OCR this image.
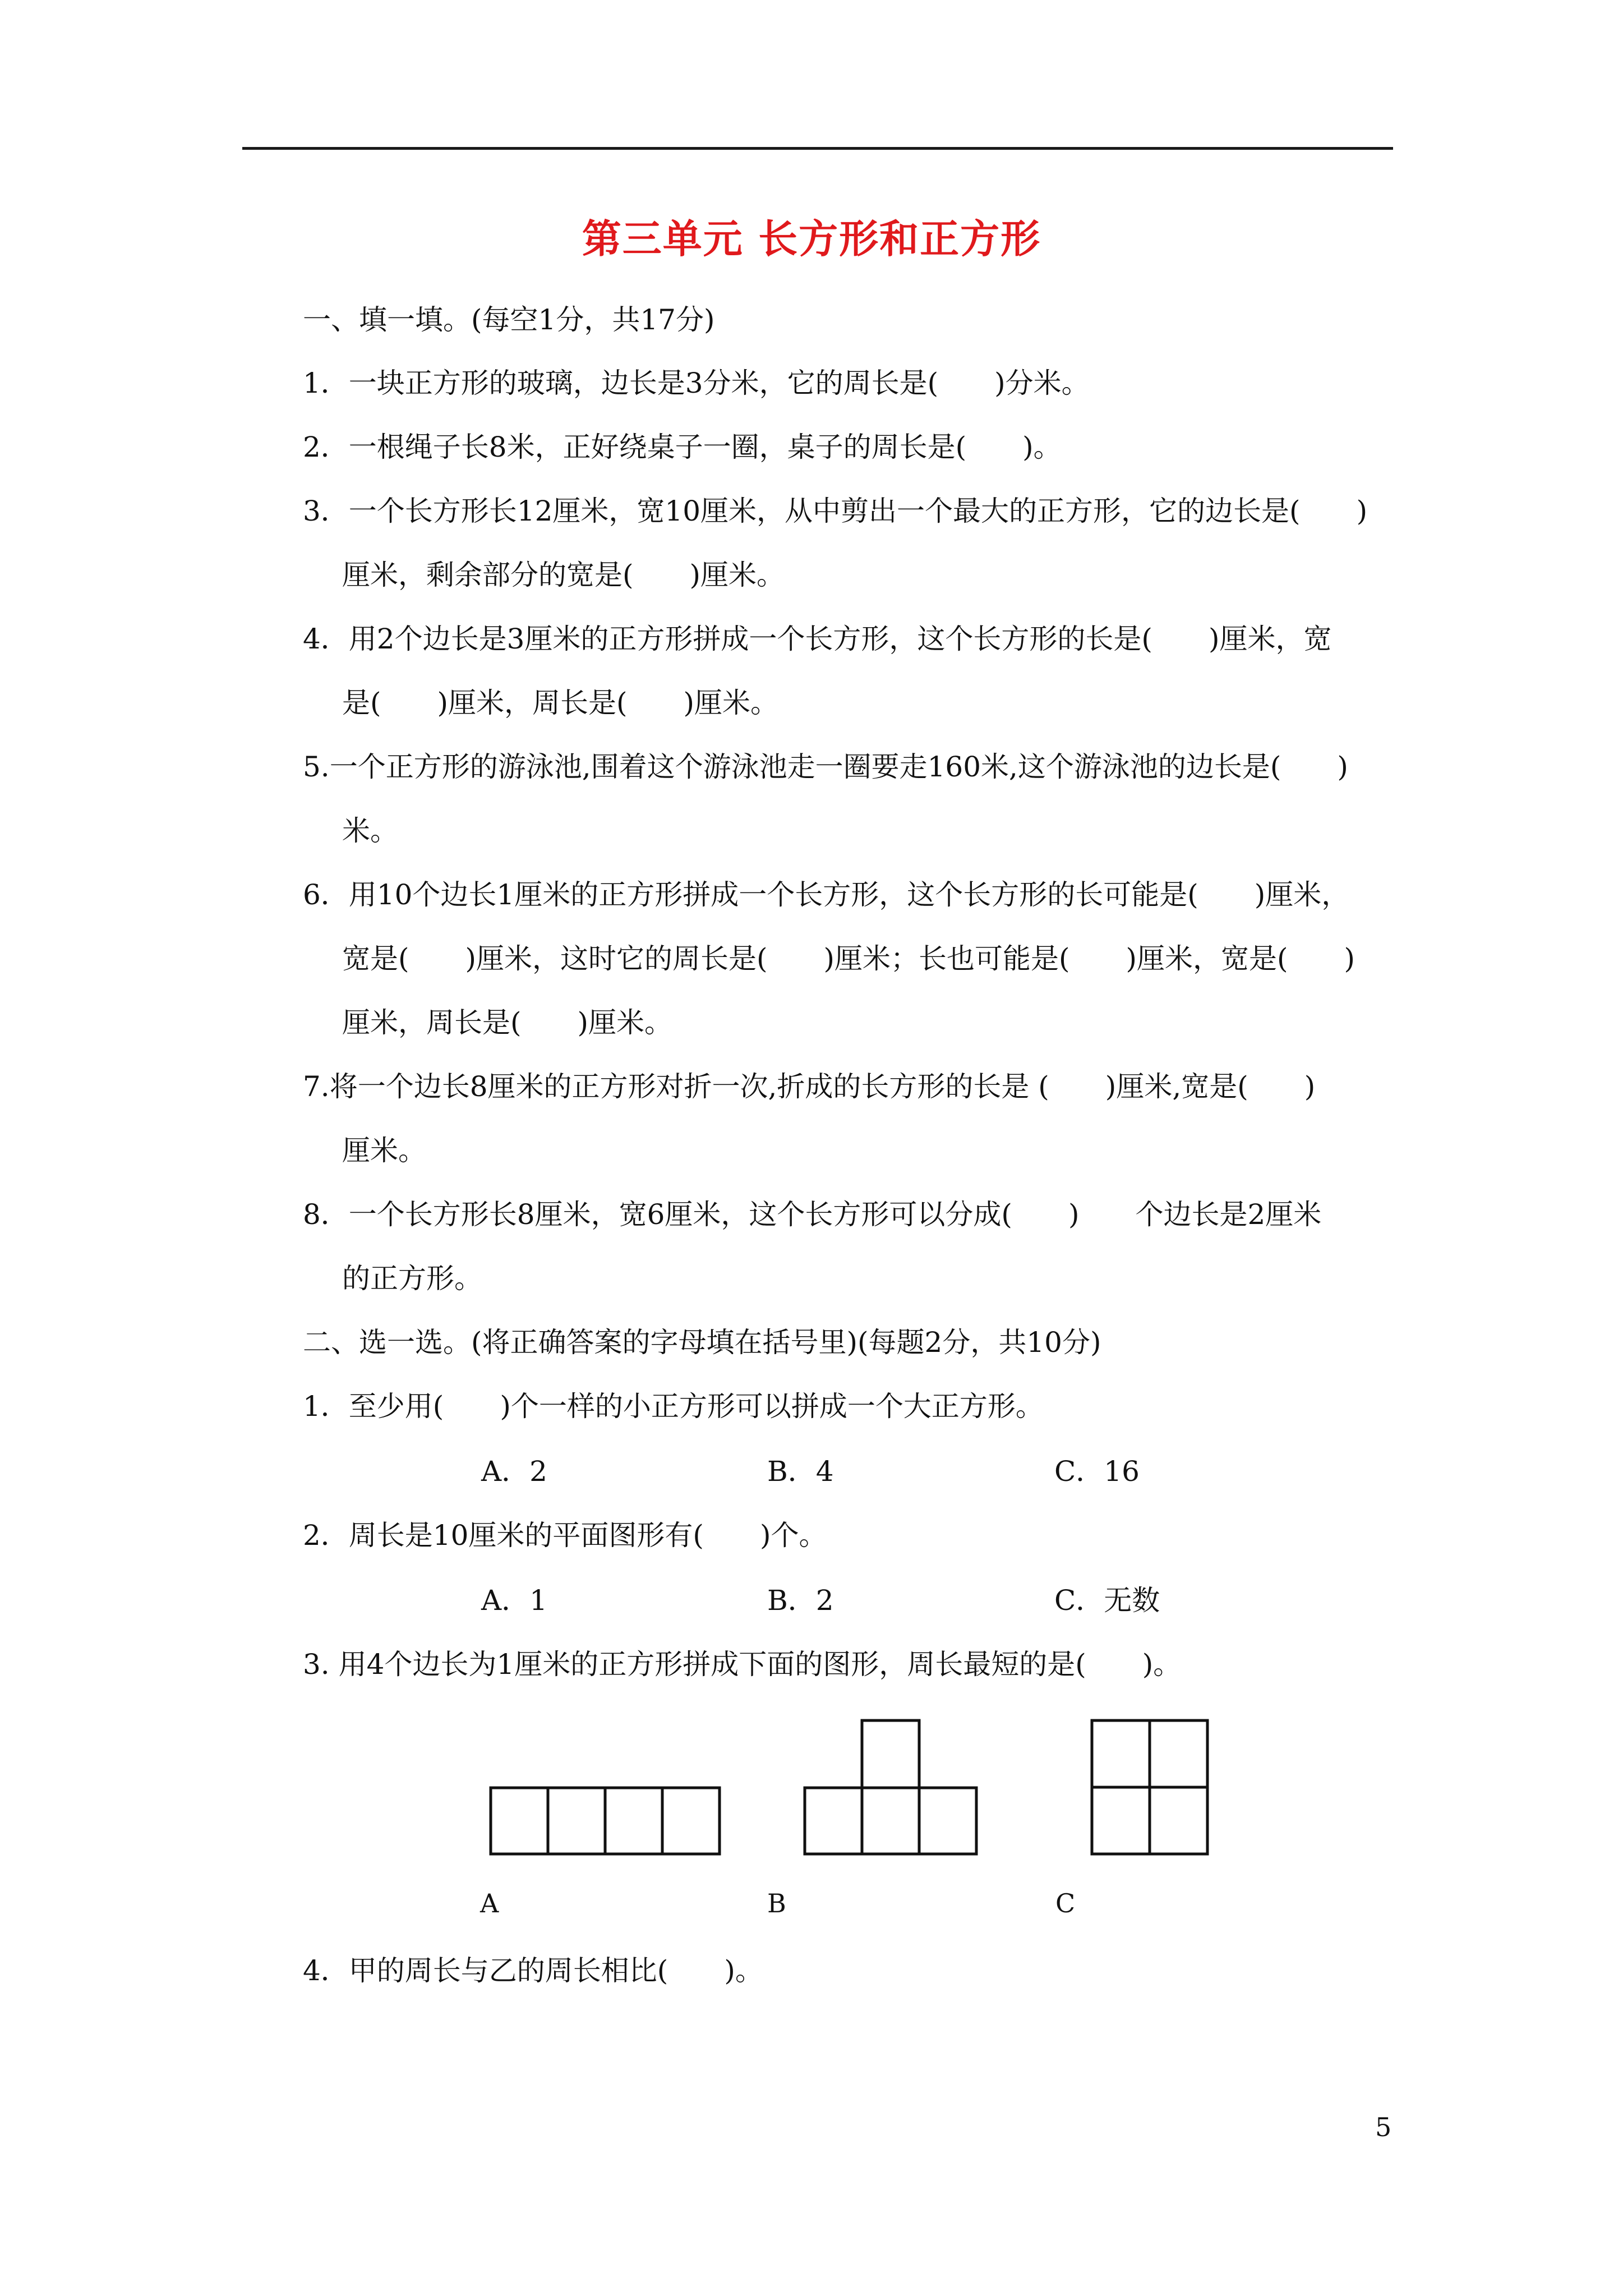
第三单元 长方形和正方形
一、填一填。(每空1分，共17分)
1．一块正方形的玻璃，边长是3分米，它的周长是(　　)分米。
2．一根绳子长8米，正好绕桌子一圈，桌子的周长是(　　)。
3．一个长方形长12厘米，宽10厘米，从中剪出一个最大的正方形，它的边长是(　　)
厘米，剩余部分的宽是(　　)厘米。
4．用2个边长是3厘米的正方形拼成一个长方形，这个长方形的长是(　　)厘米，宽
是(　　)厘米，周长是(　　)厘米。
5.一个正方形的游泳池,围着这个游泳池走一圈要走160米,这个游泳池的边长是(　　)
米。
6．用10个边长1厘米的正方形拼成一个长方形，这个长方形的长可能是(　　)厘米，
宽是(　　)厘米，这时它的周长是(　　)厘米；长也可能是(　　)厘米，宽是(　　)
厘米，周长是(　　)厘米。
7.将一个边长8厘米的正方形对折一次,折成的长方形的长是 (　　)厘米,宽是(　　)
厘米。
8．一个长方形长8厘米，宽6厘米，这个长方形可以分成(　　)　　个边长是2厘米
的正方形。
二、选一选。(将正确答案的字母填在括号里)(每题2分，共10分)
1．至少用(　　)个一样的小正方形可以拼成一个大正方形。
A．2	B．4	C．16
2．周长是10厘米的平面图形有(　　)个。
A．1	B．2	C．无数
3. 用4个边长为1厘米的正方形拼成下面的图形，周长最短的是(　　)。
A	B	C
4．甲的周长与乙的周长相比(　　)。
5
